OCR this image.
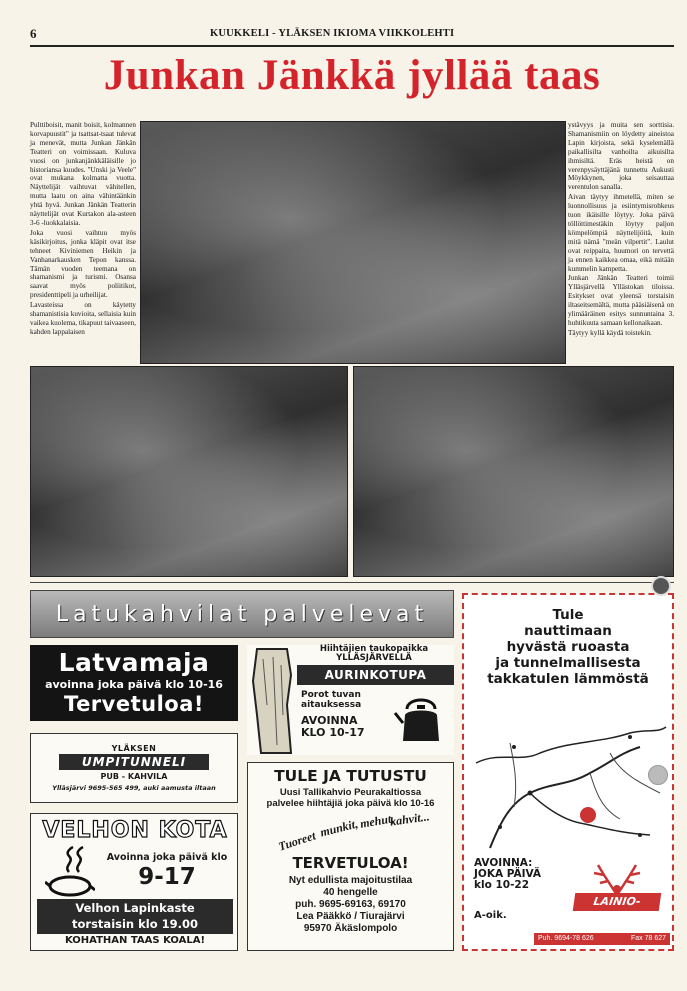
6	KUUKKELI - YLÄKSEN IKIOMA VIIKKOLEHTI
Junkan Jänkkä jyllää taas

Pulttiboisit, manit boisit, kolmannen korvapuustit" ja tsattsat-tsaat tulevat ja menevät, mutta Junkan Jänkän Teatteri on voimissaan. Kuluva vuosi on junkanjänkkäläisille jo historiansa kuudes. "Unski ja Veele" ovat mukana kolmatta vuotta. Näyttelijät vaihtuvat vähitellen, mutta laatu on aina vähintäänkin yhtä hyvä. Junkan Jänkän Teatterin näyttelijät ovat Kurtakon ala-asteen 3-6 -luokkalaisia.

Joka vuosi vaihtuu myös käsikirjoitus, jonka kläpit ovat itse tehneet Kiviniemen Heikin ja Vanhanarkausken Tepon kanssa. Tämän vuoden teemana on shamanismi ja turismi. Osansa saavat myös poliitikot, presidenttipeli ja urheilijat.

Lavasteissa on käytetty shamanistisia kuvioita, sellaisia kuin vaikea kuolema, tikapuut taivaaseen, kahden lappalaisen

ystävyys ja muita sen sorttisia. Shamanismiin on löydetty aineistoa Lapin kirjoista, sekä kyselemällä paikallisilta vanhoilta aikuisilta ihmisiltä. Eräs heistä on verenpysäyttäjänä tunnettu Aukusti Möykkynen, joka seisauttaa verentulon sanalla.

Aivan täytyy ihmetellä, miten se luonnollisuus ja esiintymisrohkeus tuon ikäisille löytyy. Joka päivä töllöttimestäkin löytyy paljon kömpelömpiä näyttelijöitä, kuin mitä nämä "meän vilpertit". Laulut ovat reippaita, huumori on tervettä ja ennen kaikkea omaa, eikä mitään kummelin kampetta.

Junkan Jänkän Teatteri toimii Ylläsjärvellä Yllästokan tiloissa. Esitykset ovat yleensä torstaisin iltaseitsemältä, mutta pääsiäisenä on ylimääräinen esitys sunnuntaina 3. huhtikuuta samaan kellonaikaan.

Täytyy kyllä käydä toistekin.

Latukahvilat palvelevat
Latvamaja
avoinna joka päivä klo 10-16
Tervetuloa!
YLÄKSEN
UMPITUNNELI
PUB - KAHVILA
Ylläsjärvi 9695-565 499, auki aamusta iltaan
VELHON KOTA
Avoinna joka päivä klo
9-17
Velhon Lapinkaste
torstaisin klo 19.00
KOHATHAN TAAS KOALA!
Hiihtäjien taukopaikka
YLLÄSJÄRVELLÄ
AURINKOTUPA
Porot tuvan
aitauksessa
AVOINNA
KLO 10-17
TULE JA TUTUSTU
Uusi Tallikahvio Peurakaltiossa
palvelee hiihtäjiä joka päivä klo 10-16
Tuoreet
munkit, mehut,
kahvit...
TERVETULOA!
Nyt edullista majoitustilaa
40 hengelle
puh. 9695-69163, 69170
Lea Pääkkö / Tiurajärvi
95970 Äkäslompolo
Tule
nauttimaan
hyvästä ruoasta
ja tunnelmallisesta
takkatulen lämmöstä
AVOINNA:
JOKA PÄIVÄ
klo 10-22
A-oik.
LAINIO-KROUVI
Puh. 9694-78 626	Fax 78 627
